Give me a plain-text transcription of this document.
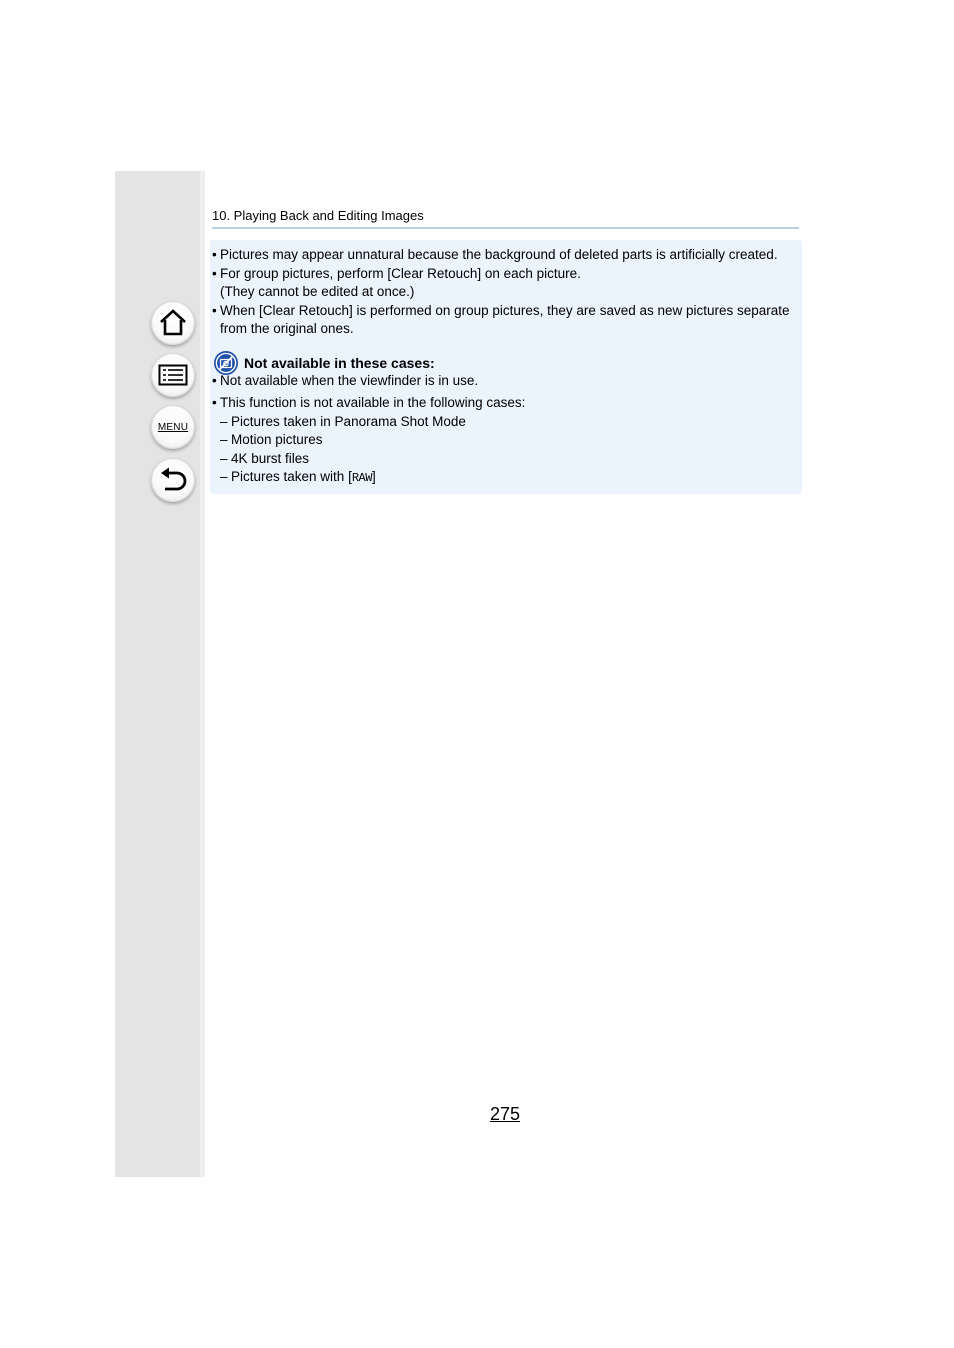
MENU
10. Playing Back and Editing Images
• Pictures may appear unnatural because the background of deleted parts is artificially created.
• For group pictures, perform [Clear Retouch] on each picture.
(They cannot be edited at once.)
• When [Clear Retouch] is performed on group pictures, they are saved as new pictures separate
from the original ones.
Not available in these cases:
• Not available when the viewfinder is in use.
• This function is not available in the following cases:
– Pictures taken in Panorama Shot Mode
– Motion pictures
– 4K burst files
– Pictures taken with [RAW]
275
